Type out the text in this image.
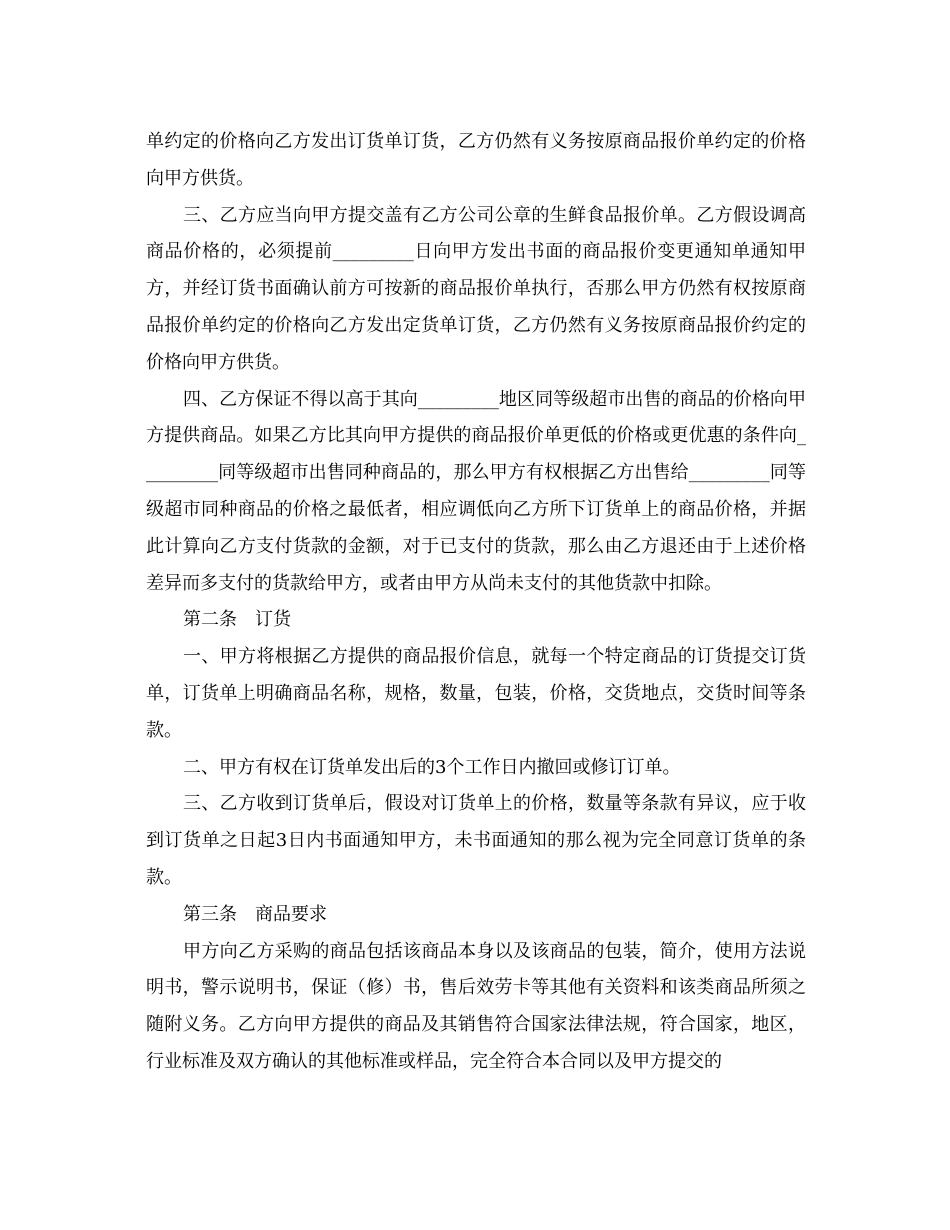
单约定的价格向乙方发出订货单订货，乙方仍然有义务按原商品报价单约定的价格向甲方供货。

三、乙方应当向甲方提交盖有乙方公司公章的生鲜食品报价单。乙方假设调高商品价格的，必须提前_________日向甲方发出书面的商品报价变更通知单通知甲方，并经订货书面确认前方可按新的商品报价单执行，否那么甲方仍然有权按原商品报价单约定的价格向乙方发出定货单订货，乙方仍然有义务按原商品报价约定的价格向甲方供货。

四、乙方保证不得以高于其向_________地区同等级超市出售的商品的价格向甲方提供商品。如果乙方比其向甲方提供的商品报价单更低的价格或更优惠的条件向_________同等级超市出售同种商品的，那么甲方有权根据乙方出售给_________同等级超市同种商品的价格之最低者，相应调低向乙方所下订货单上的商品价格，并据此计算向乙方支付货款的金额，对于已支付的货款，那么由乙方退还由于上述价格差异而多支付的货款给甲方，或者由甲方从尚未支付的其他货款中扣除。

第二条　订货

一、甲方将根据乙方提供的商品报价信息，就每一个特定商品的订货提交订货单，订货单上明确商品名称，规格，数量，包装，价格，交货地点，交货时间等条款。

二、甲方有权在订货单发出后的3个工作日内撤回或修订订单。

三、乙方收到订货单后，假设对订货单上的价格，数量等条款有异议，应于收到订货单之日起3日内书面通知甲方，未书面通知的那么视为完全同意订货单的条款。

第三条　商品要求

甲方向乙方采购的商品包括该商品本身以及该商品的包装，简介，使用方法说明书，警示说明书，保证（修）书，售后效劳卡等其他有关资料和该类商品所须之随附义务。乙方向甲方提供的商品及其销售符合国家法律法规，符合国家，地区，行业标准及双方确认的其他标准或样品，完全符合本合同以及甲方提交的
